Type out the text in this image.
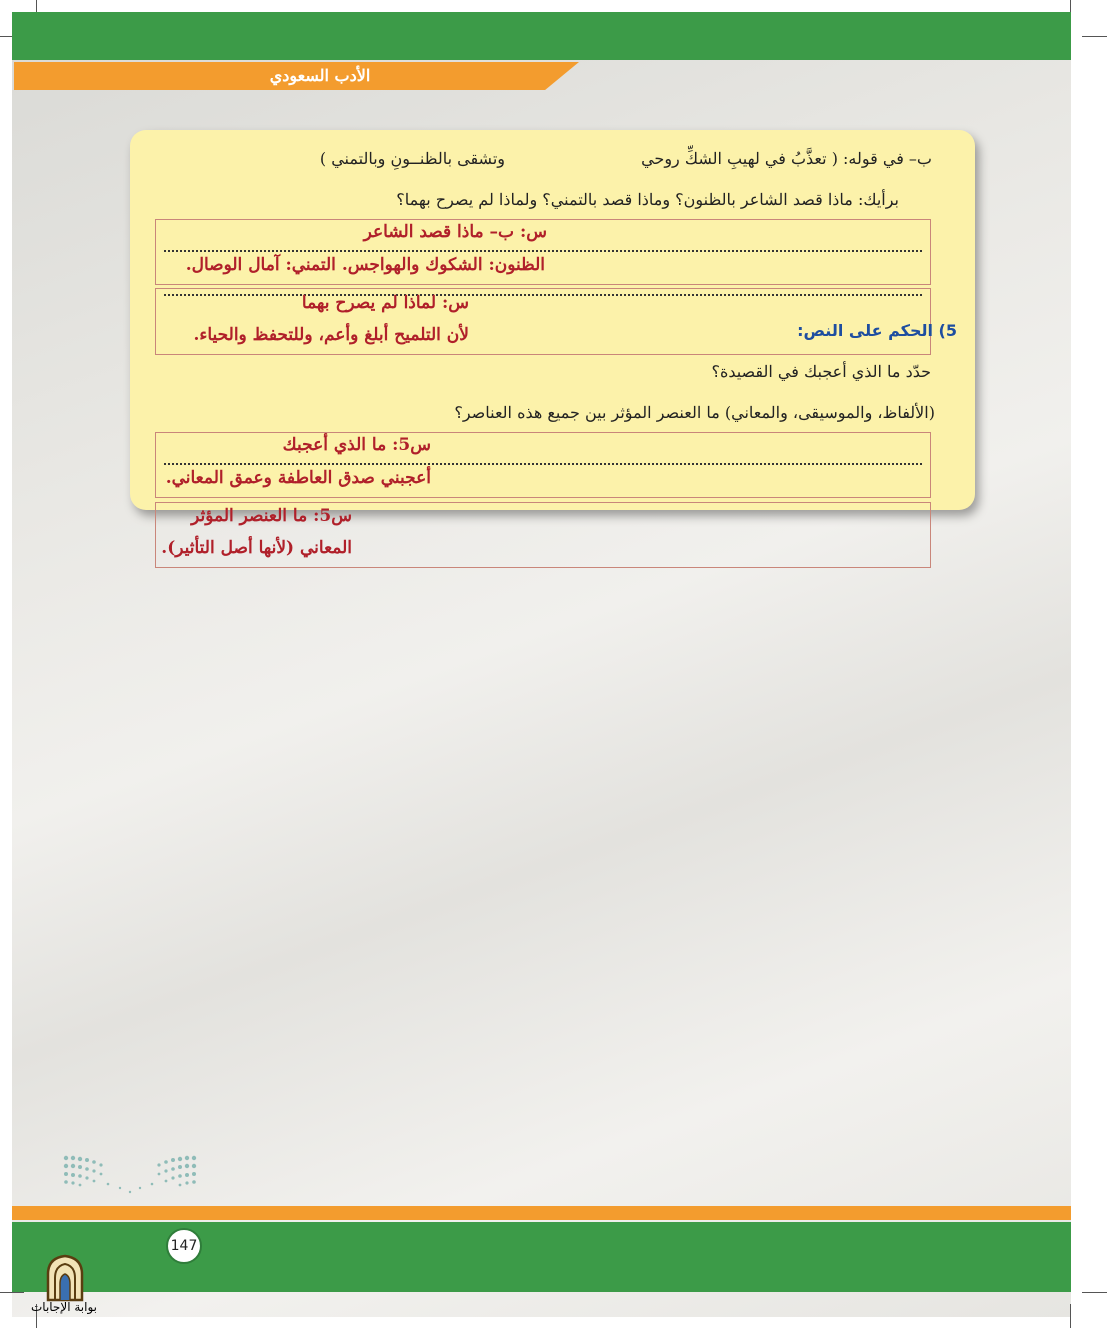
الأدب السعودي
ب– في قوله: ( تعذَّبُ في لهيبِ الشكِّ روحي
وتشقى بالظنــونِ وبالتمني )
برأيك: ماذا قصد الشاعر بالظنون؟ وماذا قصد بالتمني؟ ولماذا لم يصرح بهما؟
س: ب– ماذا قصد الشاعر
الظنون: الشكوك والهواجس. التمني: آمال الوصال.
س: لماذا لم يصرح بهما
لأن التلميح أبلغ وأعم، وللتحفظ والحياء.	5) الحكم على النص:
حدّد ما الذي أعجبك في القصيدة؟
(الألفاظ، والموسيقى، والمعاني) ما العنصر المؤثر بين جميع هذه العناصر؟
س5: ما الذي أعجبك
أعجبني صدق العاطفة وعمق المعاني.
س5: ما العنصر المؤثر
المعاني (لأنها أصل التأثير).
147
بوابة الإجابات
